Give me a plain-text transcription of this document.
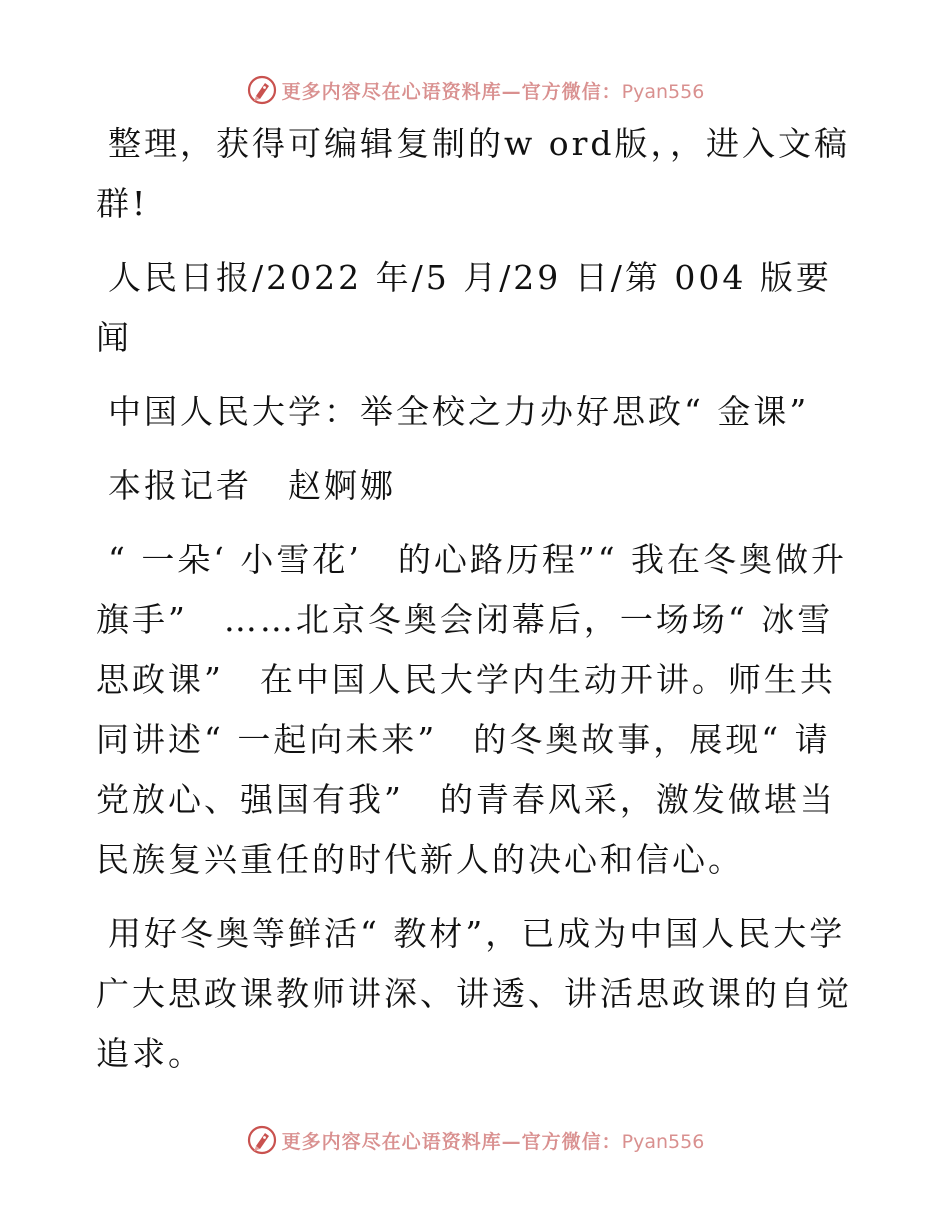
更多内容尽在心语资料库—官方微信：Pyan556

整理，获得可编辑复制的w ord版，，进入文稿群!

人民日报/2022 年/5 月/29 日/第 004 版要闻

中国人民大学：举全校之力办好思政“ 金课”

本报记者　赵婀娜

“ 一朵‘ 小雪花’　的心路历程”“ 我在冬奥做升旗手”　……北京冬奥会闭幕后，一场场“ 冰雪思政课”　在中国人民大学内生动开讲。师生共同讲述“ 一起向未来”　的冬奥故事，展现“ 请党放心、强国有我”　的青春风采，激发做堪当民族复兴重任的时代新人的决心和信心。

用好冬奥等鲜活“ 教材”，已成为中国人民大学广大思政课教师讲深、讲透、讲活思政课的自觉追求。

更多内容尽在心语资料库—官方微信：Pyan556
